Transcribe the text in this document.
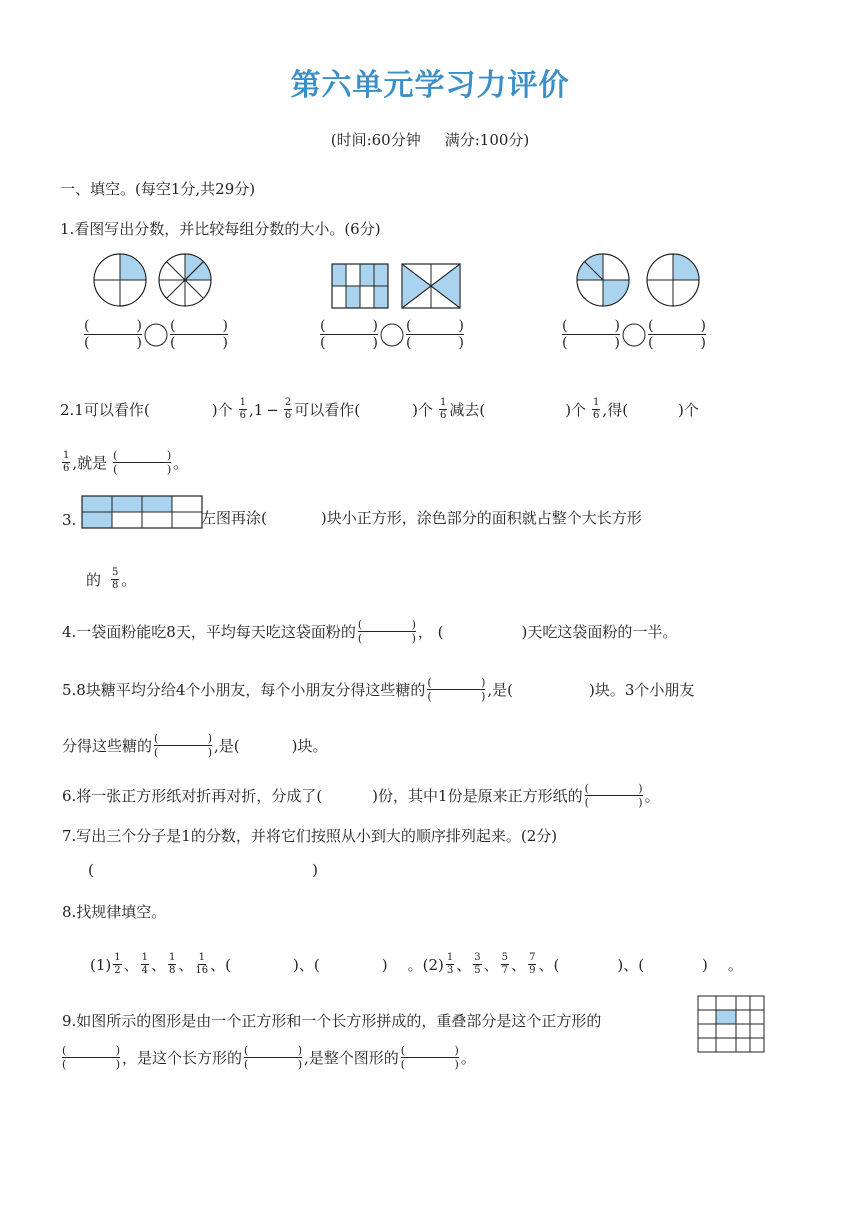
第六单元学习力评价
(时间:60分钟 满分:100分)
一、填空。(每空1分,共29分)
1.看图写出分数，并比较每组分数的大小。(6分)
(	)
(	) (	)
(	)	(	)
(	) (	)
(	)	(	)
(	) (	)
(	)
2.1可以看作(	)个 $\frac{1}{6}$ , $1 - \frac{2}{6}$ 可以看作(	)个 $\frac{1}{6}$ 减去(	)个 $\frac{1}{6}$ ,得(	)个
$\frac{1}{6}$ ,就是 (	)
(	) 。
3.	左图再涂(	)块小正方形，涂色部分的面积就占整个大长方形
的 $\frac{5}{8}$ 。
4.一袋面粉能吃8天，平均每天吃这袋面粉的 (	)
(	) ， (	)天吃这袋面粉的一半。
5.8块糖平均分给4个小朋友，每个小朋友分得这些糖的 (	)
(	) ,是(	)块。3个小朋友
分得这些糖的 (	)
(	) ,是(	)块。
6.将一张正方形纸对折再对折，分成了(	)份，其中1份是原来正方形纸的 (	)
(	) 。
7.写出三个分子是1的分数，并将它们按照从小到大的顺序排列起来。(2分)
(	)
8.找规律填空。
$(1) \frac{1}{2}$ 、 $\frac{1}{4}$ 、 $\frac{1}{8}$ 、 $\frac{1}{16}$ 、 (	) 、 (	) 。 $(2) \frac{1}{3}$ 、 $\frac{3}{5}$ 、 $\frac{5}{7}$ 、 $\frac{7}{9}$ 、 (	) 、 (	) 。
9.如图所示的图形是由一个正方形和一个长方形拼成的，重叠部分是这个正方形的
(	)
(	) ，是这个长方形的 (	)
(	) ,是整个图形的 (	)
(	) 。
